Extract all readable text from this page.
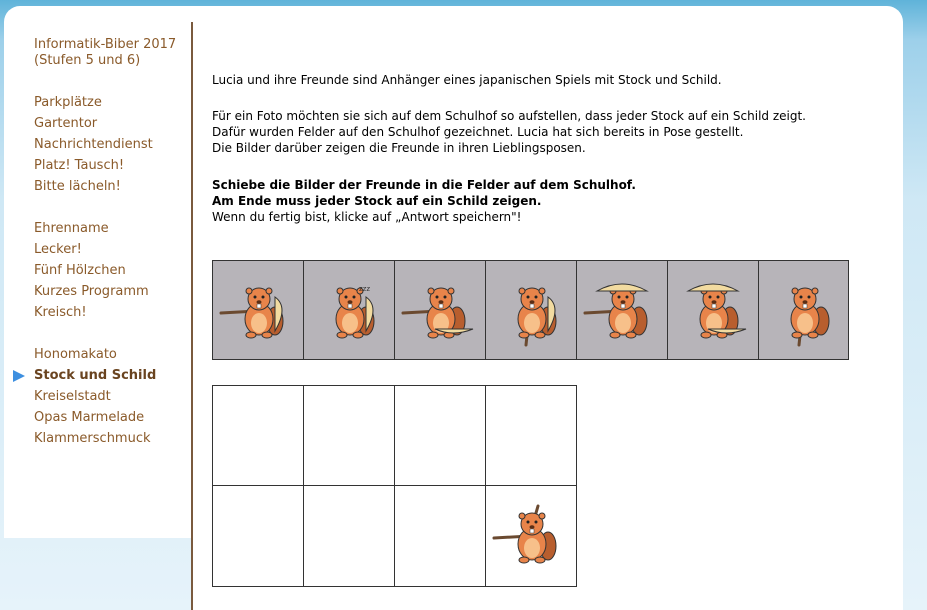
Informatik-Biber 2017
(Stufen 5 und 6)
Parkplätze
Gartentor
Nachrichtendienst
Platz! Tausch!
Bitte lächeln!
Ehrenname
Lecker!
Fünf Hölzchen
Kurzes Programm
Kreisch!
Honomakato
Stock und Schild
Kreiselstadt
Opas Marmelade
Klammerschmuck
Lucia und ihre Freunde sind Anhänger eines japanischen Spiels mit Stock und Schild.
Für ein Foto möchten sie sich auf dem Schulhof so aufstellen, dass jeder Stock auf ein Schild zeigt.
Dafür wurden Felder auf den Schulhof gezeichnet. Lucia hat sich bereits in Pose gestellt.
Die Bilder darüber zeigen die Freunde in ihren Lieblingsposen.
Schiebe die Bilder der Freunde in die Felder auf dem Schulhof.
Am Ende muss jeder Stock auf ein Schild zeigen.
Wenn du fertig bist, klicke auf „Antwort speichern"!
zzz
